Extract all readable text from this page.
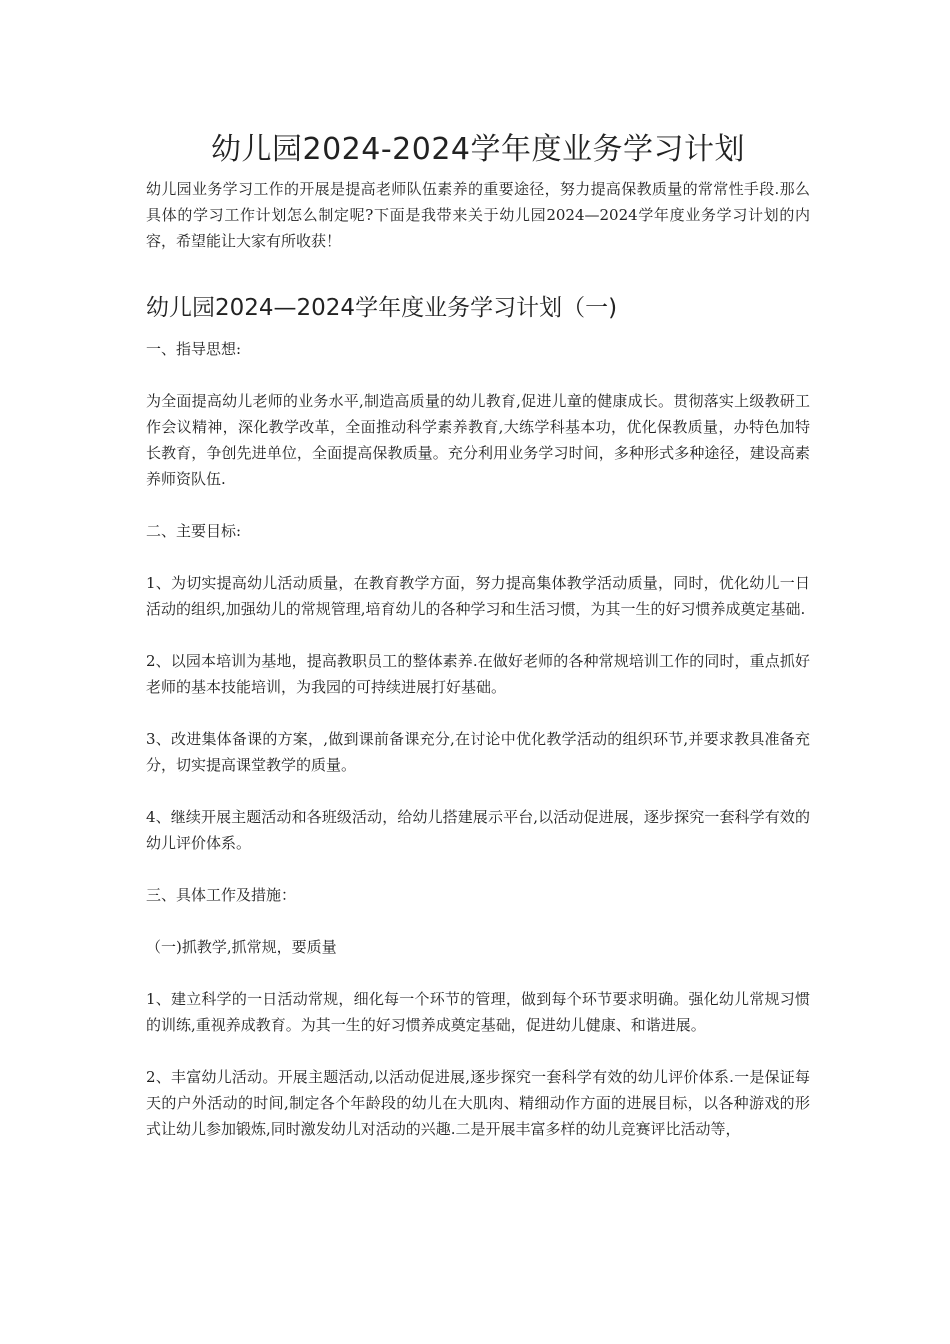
幼儿园2024-2024学年度业务学习计划

幼儿园业务学习工作的开展是提高老师队伍素养的重要途径，努力提高保教质量的常常性手段.那么具体的学习工作计划怎么制定呢?下面是我带来关于幼儿园2024—2024学年度业务学习计划的内容，希望能让大家有所收获！

幼儿园2024—2024学年度业务学习计划（一)

一、指导思想:

为全面提高幼儿老师的业务水平,制造高质量的幼儿教育,促进儿童的健康成长。贯彻落实上级教研工作会议精神，深化教学改革，全面推动科学素养教育,大练学科基本功，优化保教质量，办特色加特长教育，争创先进单位，全面提高保教质量。充分利用业务学习时间，多种形式多种途径，建设高素养师资队伍.

二、主要目标:

1、为切实提高幼儿活动质量，在教育教学方面，努力提高集体教学活动质量，同时，优化幼儿一日活动的组织,加强幼儿的常规管理,培育幼儿的各种学习和生活习惯，为其一生的好习惯养成奠定基础.

2、以园本培训为基地，提高教职员工的整体素养.在做好老师的各种常规培训工作的同时，重点抓好老师的基本技能培训，为我园的可持续进展打好基础。

3、改进集体备课的方案，,做到课前备课充分,在讨论中优化教学活动的组织环节,并要求教具准备充分，切实提高课堂教学的质量。

4、继续开展主题活动和各班级活动，给幼儿搭建展示平台,以活动促进展，逐步探究一套科学有效的幼儿评价体系。

三、具体工作及措施：

（一)抓教学,抓常规，要质量

1、建立科学的一日活动常规，细化每一个环节的管理，做到每个环节要求明确。强化幼儿常规习惯的训练,重视养成教育。为其一生的好习惯养成奠定基础，促进幼儿健康、和谐进展。

2、丰富幼儿活动。开展主题活动,以活动促进展,逐步探究一套科学有效的幼儿评价体系.一是保证每天的户外活动的时间,制定各个年龄段的幼儿在大肌肉、精细动作方面的进展目标，以各种游戏的形式让幼儿参加锻炼,同时激发幼儿对活动的兴趣.二是开展丰富多样的幼儿竞赛评比活动等，
